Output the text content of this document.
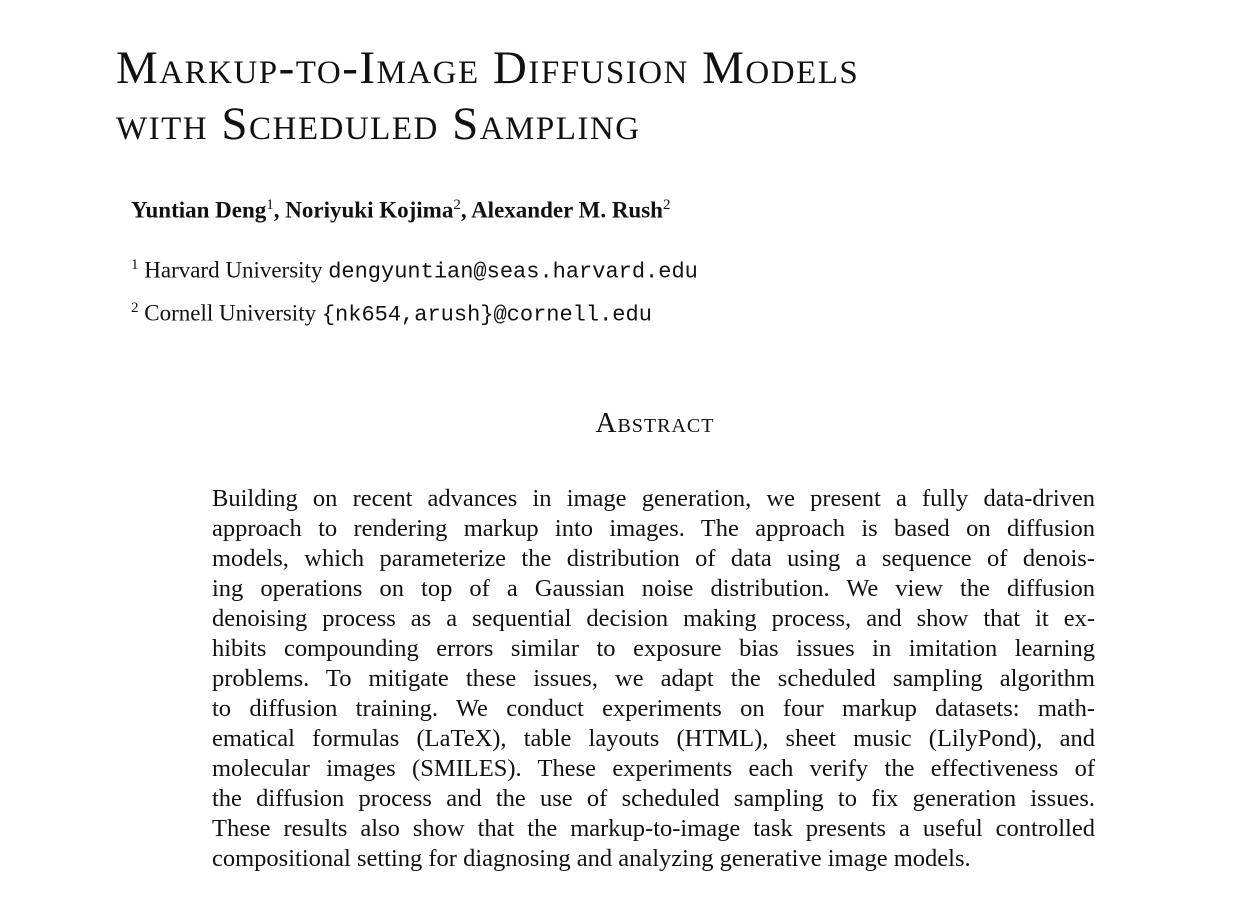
Markup-to-Image Diffusion Models
with Scheduled Sampling
Yuntian Deng$^1$, Noriyuki Kojima$^2$, Alexander M. Rush$^2$
$^1$ Harvard University dengyuntian@seas.harvard.edu
$^2$ Cornell University {nk654,arush}@cornell.edu
Abstract
Building on recent advances in image generation, we present a fully data-driven
approach to rendering markup into images. The approach is based on diffusion
models, which parameterize the distribution of data using a sequence of denois-
ing operations on top of a Gaussian noise distribution. We view the diffusion
denoising process as a sequential decision making process, and show that it ex-
hibits compounding errors similar to exposure bias issues in imitation learning
problems. To mitigate these issues, we adapt the scheduled sampling algorithm
to diffusion training. We conduct experiments on four markup datasets: math-
ematical formulas (LaTeX), table layouts (HTML), sheet music (LilyPond), and
molecular images (SMILES). These experiments each verify the effectiveness of
the diffusion process and the use of scheduled sampling to fix generation issues.
These results also show that the markup-to-image task presents a useful controlled
compositional setting for diagnosing and analyzing generative image models.
